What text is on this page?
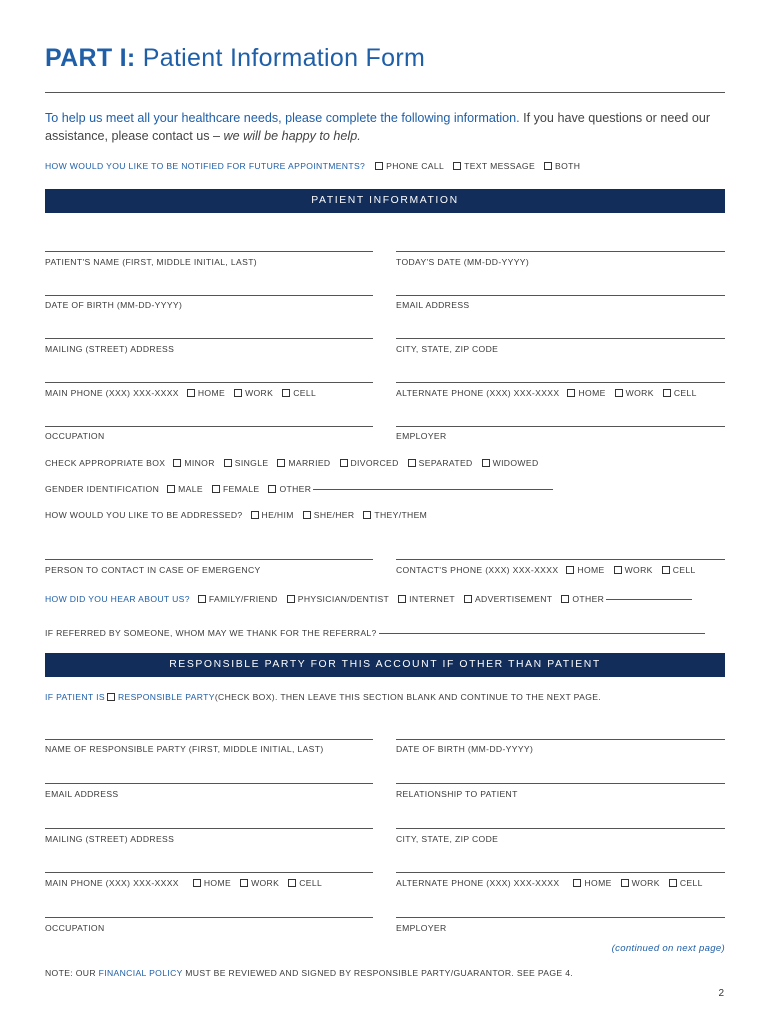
PART I: Patient Information Form
To help us meet all your healthcare needs, please complete the following information. If you have questions or need our assistance, please contact us – we will be happy to help.
HOW WOULD YOU LIKE TO BE NOTIFIED FOR FUTURE APPOINTMENTS? PHONE CALL TEXT MESSAGE BOTH
PATIENT INFORMATION
PATIENT'S NAME (FIRST, MIDDLE INITIAL, LAST)	TODAY'S DATE (MM-DD-YYYY)
DATE OF BIRTH (MM-DD-YYYY)	EMAIL ADDRESS
MAILING (STREET) ADDRESS	CITY, STATE, ZIP CODE
MAIN PHONE (XXX) XXX-XXXX HOME WORK CELL	ALTERNATE PHONE (XXX) XXX-XXXX HOME WORK CELL
OCCUPATION	EMPLOYER
CHECK APPROPRIATE BOX MINOR SINGLE MARRIED DIVORCED SEPARATED WIDOWED
GENDER IDENTIFICATION MALE FEMALE OTHER
HOW WOULD YOU LIKE TO BE ADDRESSED? HE/HIM SHE/HER THEY/THEM
PERSON TO CONTACT IN CASE OF EMERGENCY	CONTACT'S PHONE (XXX) XXX-XXXX HOME WORK CELL
HOW DID YOU HEAR ABOUT US? FAMILY/FRIEND PHYSICIAN/DENTIST INTERNET ADVERTISEMENT OTHER
IF REFERRED BY SOMEONE, WHOM MAY WE THANK FOR THE REFERRAL?
RESPONSIBLE PARTY FOR THIS ACCOUNT IF OTHER THAN PATIENT
IF PATIENT IS RESPONSIBLE PARTY (CHECK BOX). THEN LEAVE THIS SECTION BLANK AND CONTINUE TO THE NEXT PAGE.
NAME OF RESPONSIBLE PARTY (FIRST, MIDDLE INITIAL, LAST)	DATE OF BIRTH (MM-DD-YYYY)
EMAIL ADDRESS	RELATIONSHIP TO PATIENT
MAILING (STREET) ADDRESS	CITY, STATE, ZIP CODE
MAIN PHONE (XXX) XXX-XXXX	HOME WORK CELL	ALTERNATE PHONE (XXX) XXX-XXXX	HOME WORK CELL
OCCUPATION	EMPLOYER
(continued on next page)
NOTE: OUR FINANCIAL POLICY MUST BE REVIEWED AND SIGNED BY RESPONSIBLE PARTY/GUARANTOR. SEE PAGE 4.
2
